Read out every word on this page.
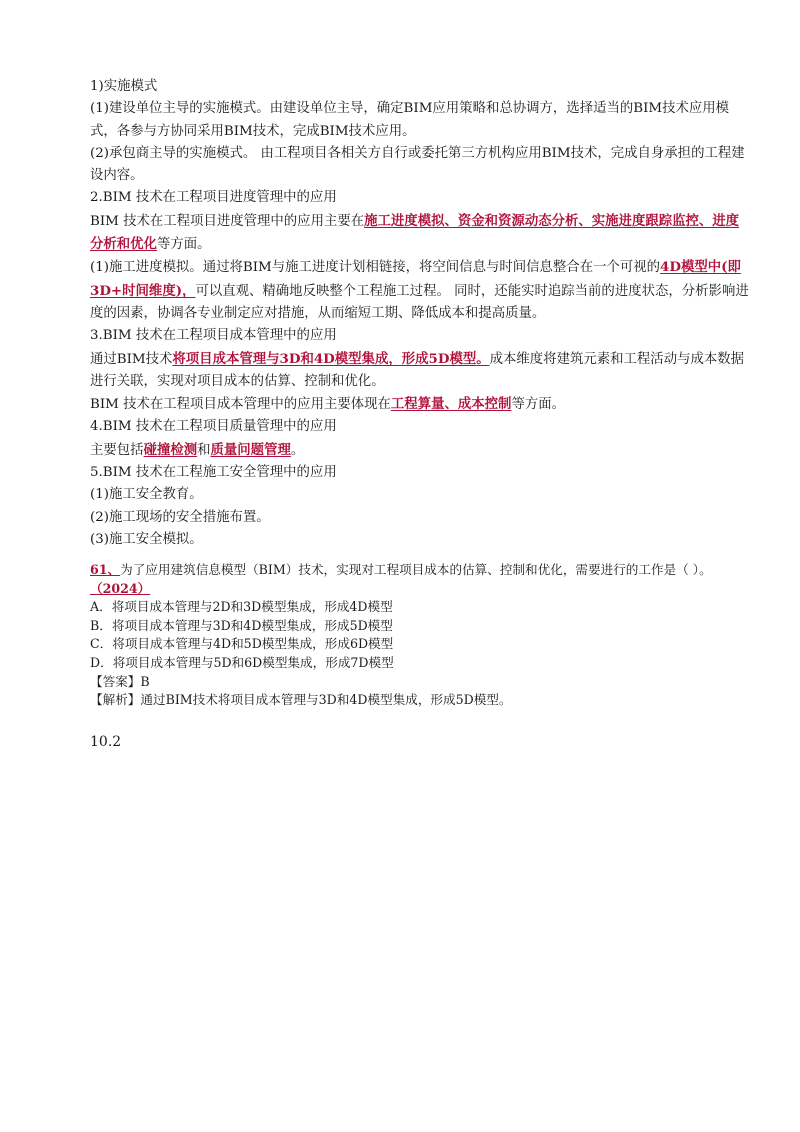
1)实施模式

(1)建设单位主导的实施模式。由建设单位主导，确定BIM应用策略和总协调方，选择适当的BIM技术应用模式，各参与方协同采用BIM技术，完成BIM技术应用。

(2)承包商主导的实施模式。 由工程项目各相关方自行或委托第三方机构应用BIM技术，完成自身承担的工程建设内容。

2.BIM 技术在工程项目进度管理中的应用

BIM 技术在工程项目进度管理中的应用主要在施工进度模拟、资金和资源动态分析、实施进度跟踪监控、进度分析和优化等方面。

(1)施工进度模拟。通过将BIM与施工进度计划相链接，将空间信息与时间信息整合在一个可视的4D模型中(即3D+时间维度)，可以直观、精确地反映整个工程施工过程。 同时，还能实时追踪当前的进度状态，分析影响进度的因素，协调各专业制定应对措施，从而缩短工期、降低成本和提高质量。

3.BIM 技术在工程项目成本管理中的应用

通过BIM技术将项目成本管理与3D和4D模型集成，形成5D模型。成本维度将建筑元素和工程活动与成本数据进行关联，实现对项目成本的估算、控制和优化。

BIM 技术在工程项目成本管理中的应用主要体现在工程算量、成本控制等方面。

4.BIM 技术在工程项目质量管理中的应用

主要包括碰撞检测和质量问题管理。

5.BIM 技术在工程施工安全管理中的应用

(1)施工安全教育。

(2)施工现场的安全措施布置。

(3)施工安全模拟。

61、为了应用建筑信息模型（BIM）技术，实现对工程项目成本的估算、控制和优化，需要进行的工作是（ ）。（2024）

A．将项目成本管理与2D和3D模型集成，形成4D模型

B．将项目成本管理与3D和4D模型集成，形成5D模型

C．将项目成本管理与4D和5D模型集成，形成6D模型

D．将项目成本管理与5D和6D模型集成，形成7D模型

【答案】B

【解析】通过BIM技术将项目成本管理与3D和4D模型集成，形成5D模型。

10.2
